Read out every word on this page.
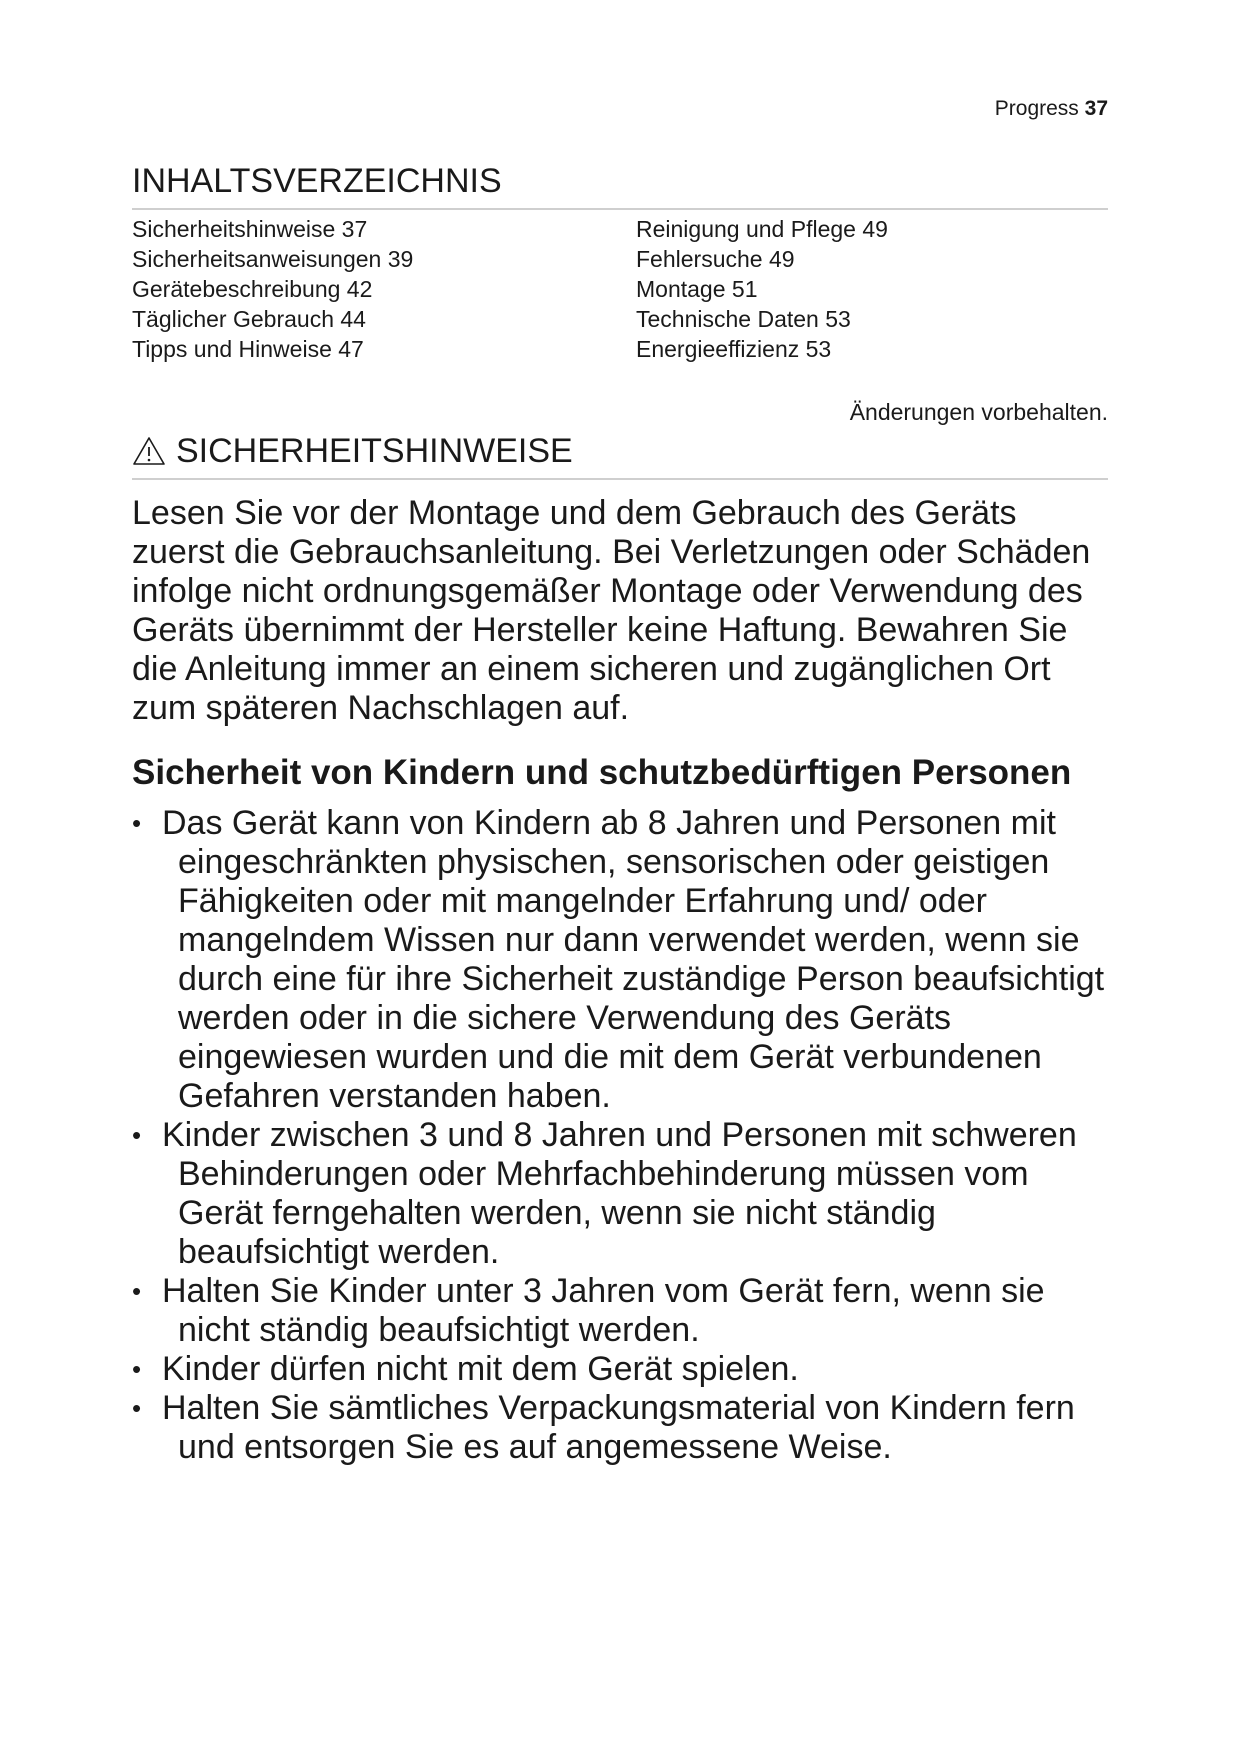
Progress 37
INHALTSVERZEICHNIS
Sicherheitshinweise 37
Sicherheitsanweisungen 39
Gerätebeschreibung 42
Täglicher Gebrauch 44
Tipps und Hinweise 47
Reinigung und Pflege 49
Fehlersuche 49
Montage 51
Technische Daten 53
Energieeffizienz 53
Änderungen vorbehalten.
SICHERHEITSHINWEISE

Lesen Sie vor der Montage und dem Gebrauch des Geräts zuerst die Gebrauchsanleitung. Bei Verletzungen oder Schäden infolge nicht ordnungsgemäßer Montage oder Verwendung des Geräts übernimmt der Hersteller keine Haftung. Bewahren Sie die Anleitung immer an einem sicheren und zugänglichen Ort zum späteren Nachschlagen auf.

Sicherheit von Kindern und schutzbedürftigen Personen
• Das Gerät kann von Kindern ab 8 Jahren und Personen mit eingeschränkten physischen, sensorischen oder geistigen Fähigkeiten oder mit mangelnder Erfahrung und/ oder mangelndem Wissen nur dann verwendet werden, wenn sie durch eine für ihre Sicherheit zuständige Person beaufsichtigt werden oder in die sichere Verwendung des Geräts eingewiesen wurden und die mit dem Gerät verbundenen Gefahren verstanden haben.
• Kinder zwischen 3 und 8 Jahren und Personen mit schweren Behinderungen oder Mehrfachbehinderung müssen vom Gerät ferngehalten werden, wenn sie nicht ständig beaufsichtigt werden.
• Halten Sie Kinder unter 3 Jahren vom Gerät fern, wenn sie nicht ständig beaufsichtigt werden.
• Kinder dürfen nicht mit dem Gerät spielen.
• Halten Sie sämtliches Verpackungsmaterial von Kindern fern und entsorgen Sie es auf angemessene Weise.
